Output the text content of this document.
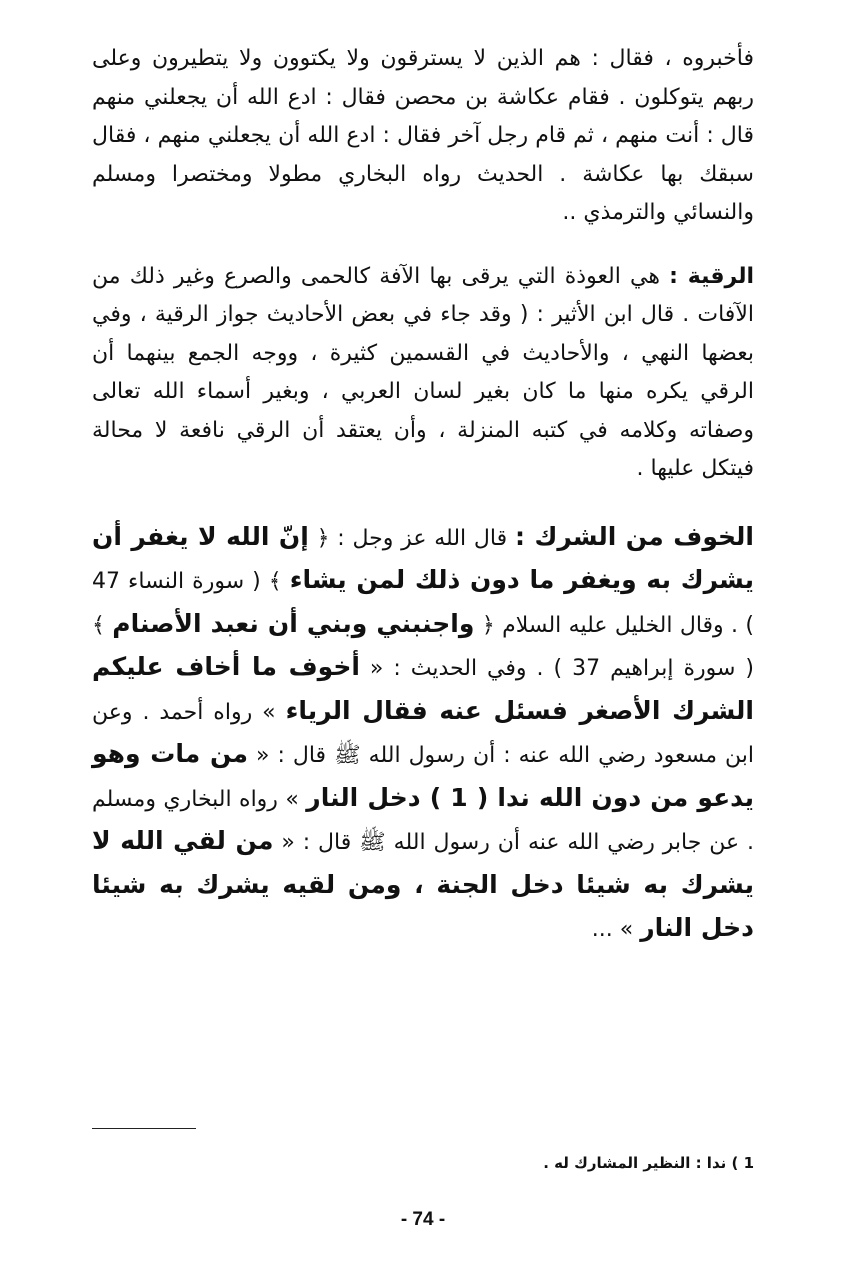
فأخبروه ، فقال : هم الذين لا يسترقون ولا يكتوون ولا يتطيرون وعلى ربهم يتوكلون . فقام عكاشة بن محصن فقال : ادع الله أن يجعلني منهم قال : أنت منهم ، ثم قام رجل آخر فقال : ادع الله أن يجعلني منهم ، فقال سبقك بها عكاشة . الحديث رواه البخاري مطولا ومختصرا ومسلم والنسائي والترمذي ..

الرقية : هي العوذة التي يرقى بها الآفة كالحمى والصرع وغير ذلك من الآفات . قال ابن الأثير : ( وقد جاء في بعض الأحاديث جواز الرقية ، وفي بعضها النهي ، والأحاديث في القسمين كثيرة ، ووجه الجمع بينهما أن الرقي يكره منها ما كان بغير لسان العربي ، وبغير أسماء الله تعالى وصفاته وكلامه في كتبه المنزلة ، وأن يعتقد أن الرقي نافعة لا محالة فيتكل عليها .

الخوف من الشرك : قال الله عز وجل : ﴿ إنّ الله لا يغفر أن يشرك به ويغفر ما دون ذلك لمن يشاء ﴾ ( سورة النساء 47 ) . وقال الخليل عليه السلام ﴿ واجنبني وبني أن نعبد الأصنام ﴾ ( سورة إبراهيم 37 ) . وفي الحديث : « أخوف ما أخاف عليكم الشرك الأصغر فسئل عنه فقال الرياء » رواه أحمد . وعن ابن مسعود رضي الله عنه : أن رسول الله ﷺ قال : « من مات وهو يدعو من دون الله ندا ( 1 ) دخل النار » رواه البخاري ومسلم . عن جابر رضي الله عنه أن رسول الله ﷺ قال : « من لقي الله لا يشرك به شيئا دخل الجنة ، ومن لقيه يشرك به شيئا دخل النار » ...

1 ) ندا : النظير المشارك له .

- 74 -
